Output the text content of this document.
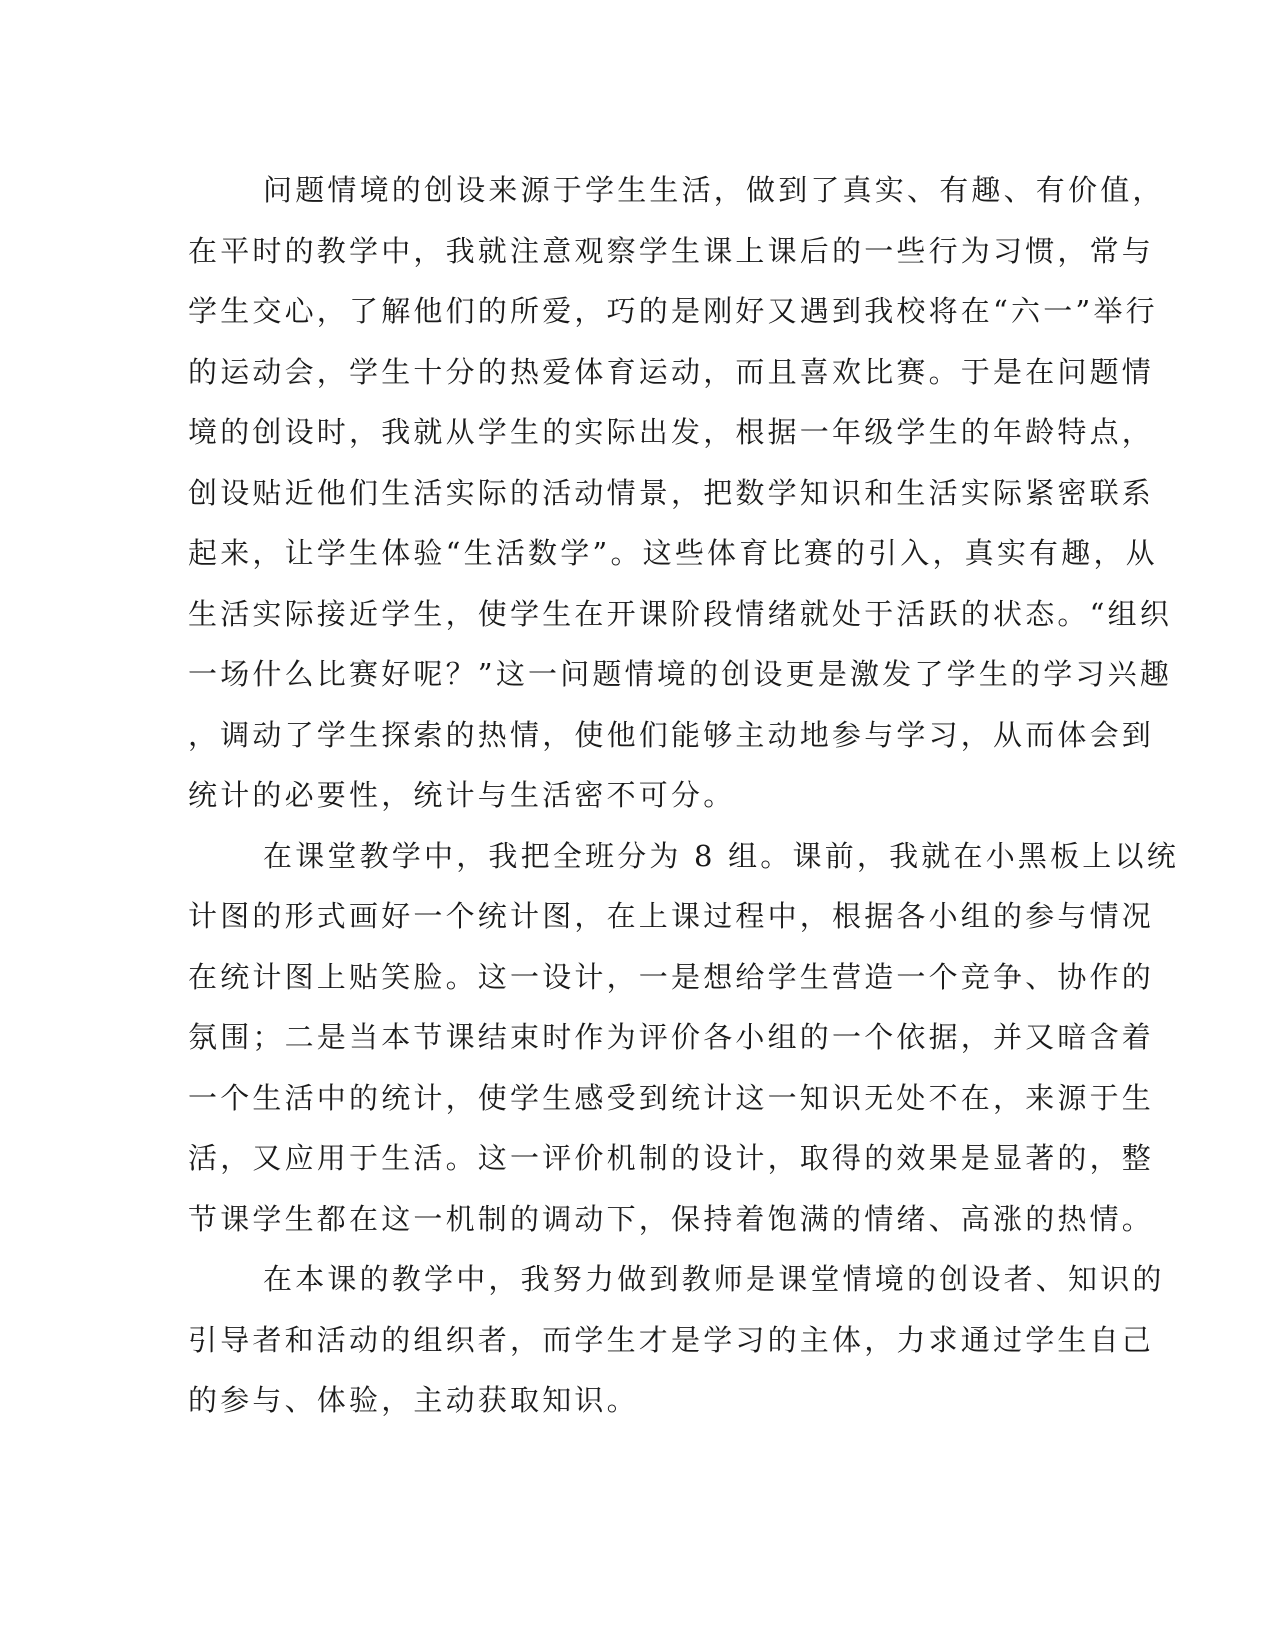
问题情境的创设来源于学生生活，做到了真实、有趣、有价值，
在平时的教学中，我就注意观察学生课上课后的一些行为习惯，常与
学生交心，了解他们的所爱，巧的是刚好又遇到我校将在“六一”举行
的运动会，学生十分的热爱体育运动，而且喜欢比赛。于是在问题情
境的创设时，我就从学生的实际出发，根据一年级学生的年龄特点，
创设贴近他们生活实际的活动情景，把数学知识和生活实际紧密联系
起来，让学生体验“生活数学”。这些体育比赛的引入，真实有趣，从
生活实际接近学生，使学生在开课阶段情绪就处于活跃的状态。“组织
一场什么比赛好呢？”这一问题情境的创设更是激发了学生的学习兴趣
，调动了学生探索的热情，使他们能够主动地参与学习，从而体会到
统计的必要性，统计与生活密不可分。
在课堂教学中，我把全班分为 8 组。课前，我就在小黑板上以统
计图的形式画好一个统计图，在上课过程中，根据各小组的参与情况
在统计图上贴笑脸。这一设计，一是想给学生营造一个竞争、协作的
氛围；二是当本节课结束时作为评价各小组的一个依据，并又暗含着
一个生活中的统计，使学生感受到统计这一知识无处不在，来源于生
活，又应用于生活。这一评价机制的设计，取得的效果是显著的，整
节课学生都在这一机制的调动下，保持着饱满的情绪、高涨的热情。
在本课的教学中，我努力做到教师是课堂情境的创设者、知识的
引导者和活动的组织者，而学生才是学习的主体，力求通过学生自己
的参与、体验，主动获取知识。
